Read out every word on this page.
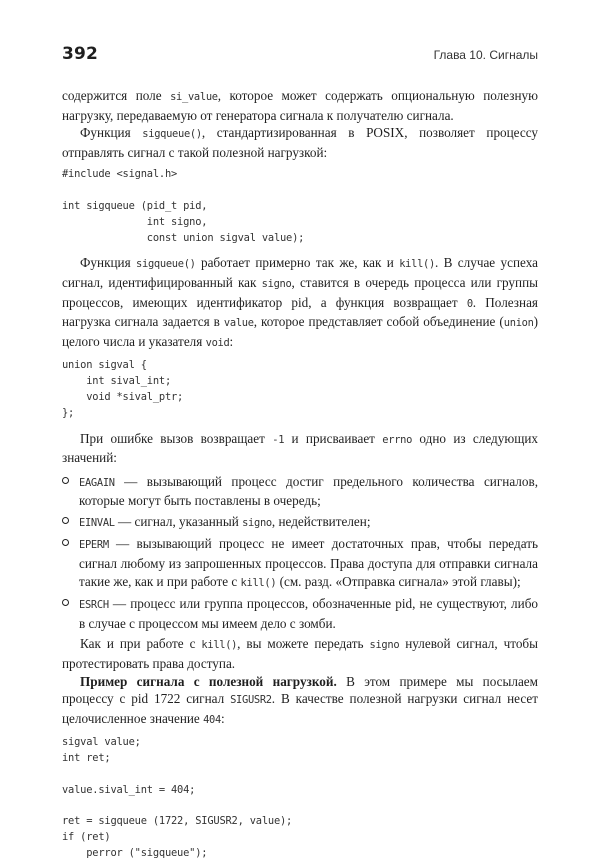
392	Глава 10. Сигналы

содержится поле si_value, которое может содержать опциональную полезную нагрузку, передаваемую от генератора сигнала к получателю сигнала.

Функция sigqueue(), стандартизированная в POSIX, позволяет процессу отправлять сигнал с такой полезной нагрузкой:

#include <signal.h>

int sigqueue (pid_t pid,
int signo,
const union sigval value);

Функция sigqueue() работает примерно так же, как и kill(). В случае успеха сигнал, идентифицированный как signo, ставится в очередь процесса или группы процессов, имеющих идентификатор pid, а функция возвращает 0. Полезная нагрузка сигнала задается в value, которое представляет собой объединение (union) целого числа и указателя void:

union sigval {
int sival_int;
void *sival_ptr;
};

При ошибке вызов возвращает -1 и присваивает errno одно из следующих значений:

EAGAIN — вызывающий процесс достиг предельного количества сигналов, которые могут быть поставлены в очередь;
EINVAL — сигнал, указанный signo, недействителен;
EPERM — вызывающий процесс не имеет достаточных прав, чтобы передать сигнал любому из запрошенных процессов. Права доступа для отправки сигнала такие же, как и при работе с kill() (см. разд. «Отправка сигнала» этой главы);
ESRCH — процесс или группа процессов, обозначенные pid, не существуют, либо в случае с процессом мы имеем дело с зомби.

Как и при работе с kill(), вы можете передать signo нулевой сигнал, чтобы протестировать права доступа.

Пример сигнала с полезной нагрузкой. В этом примере мы посылаем процессу с pid 1722 сигнал SIGUSR2. В качестве полезной нагрузки сигнал несет целочисленное значение 404:

sigval value;
int ret;

value.sival_int = 404;

ret = sigqueue (1722, SIGUSR2, value);
if (ret)
perror ("sigqueue");
